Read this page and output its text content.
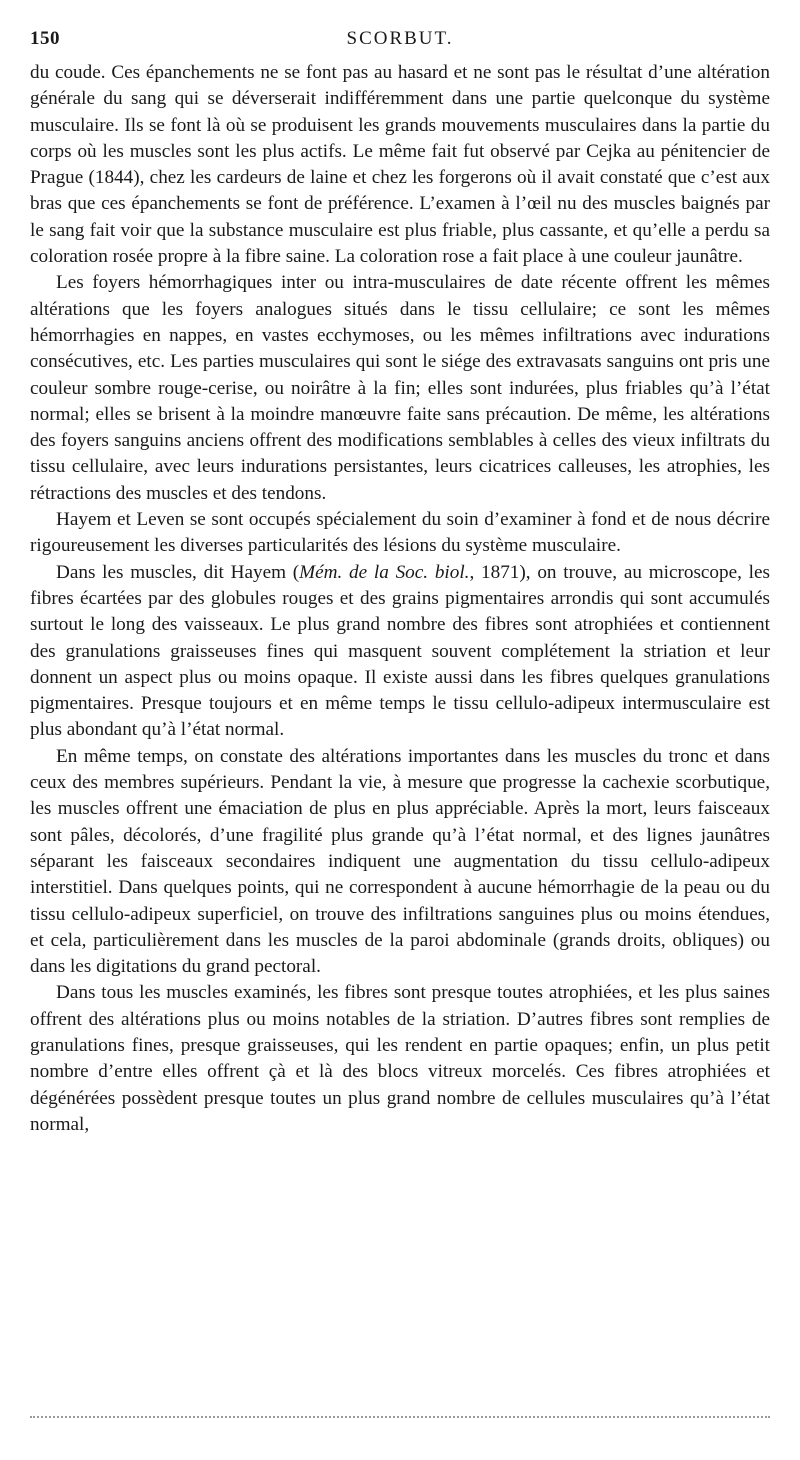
150	SCORBUT.

du coude. Ces épanchements ne se font pas au hasard et ne sont pas le résultat d’une altération générale du sang qui se déverserait indifféremment dans une partie quelconque du système musculaire. Ils se font là où se produisent les grands mouvements musculaires dans la partie du corps où les muscles sont les plus actifs. Le même fait fut observé par Cejka au pénitencier de Prague (1844), chez les cardeurs de laine et chez les forgerons où il avait constaté que c’est aux bras que ces épanchements se font de préférence. L’examen à l’œil nu des muscles baignés par le sang fait voir que la substance musculaire est plus friable, plus cassante, et qu’elle a perdu sa coloration rosée propre à la fibre saine. La coloration rose a fait place à une couleur jaunâtre.

Les foyers hémorrhagiques inter ou intra-musculaires de date récente offrent les mêmes altérations que les foyers analogues situés dans le tissu cellulaire; ce sont les mêmes hémorrhagies en nappes, en vastes ecchymoses, ou les mêmes infiltrations avec indurations consécutives, etc. Les parties musculaires qui sont le siége des extravasats sanguins ont pris une couleur sombre rouge-cerise, ou noirâtre à la fin; elles sont indurées, plus friables qu’à l’état normal; elles se brisent à la moindre manœuvre faite sans précaution. De même, les altérations des foyers sanguins anciens offrent des modifications semblables à celles des vieux infiltrats du tissu cellulaire, avec leurs indurations persistantes, leurs cicatrices calleuses, les atrophies, les rétractions des muscles et des tendons.

Hayem et Leven se sont occupés spécialement du soin d’examiner à fond et de nous décrire rigoureusement les diverses particularités des lésions du système musculaire.

Dans les muscles, dit Hayem (Mém. de la Soc. biol., 1871), on trouve, au microscope, les fibres écartées par des globules rouges et des grains pigmentaires arrondis qui sont accumulés surtout le long des vaisseaux. Le plus grand nombre des fibres sont atrophiées et contiennent des granulations graisseuses fines qui masquent souvent complétement la striation et leur donnent un aspect plus ou moins opaque. Il existe aussi dans les fibres quelques granulations pigmentaires. Presque toujours et en même temps le tissu cellulo-adipeux intermusculaire est plus abondant qu’à l’état normal.

En même temps, on constate des altérations importantes dans les muscles du tronc et dans ceux des membres supérieurs. Pendant la vie, à mesure que progresse la cachexie scorbutique, les muscles offrent une émaciation de plus en plus appréciable. Après la mort, leurs faisceaux sont pâles, décolorés, d’une fragilité plus grande qu’à l’état normal, et des lignes jaunâtres séparant les faisceaux secondaires indiquent une augmentation du tissu cellulo-adipeux interstitiel. Dans quelques points, qui ne correspondent à aucune hémorrhagie de la peau ou du tissu cellulo-adipeux superficiel, on trouve des infiltrations sanguines plus ou moins étendues, et cela, particulièrement dans les muscles de la paroi abdominale (grands droits, obliques) ou dans les digitations du grand pectoral.

Dans tous les muscles examinés, les fibres sont presque toutes atrophiées, et les plus saines offrent des altérations plus ou moins notables de la striation. D’autres fibres sont remplies de granulations fines, presque graisseuses, qui les rendent en partie opaques; enfin, un plus petit nombre d’entre elles offrent çà et là des blocs vitreux morcelés. Ces fibres atrophiées et dégénérées possèdent presque toutes un plus grand nombre de cellules musculaires qu’à l’état normal,
